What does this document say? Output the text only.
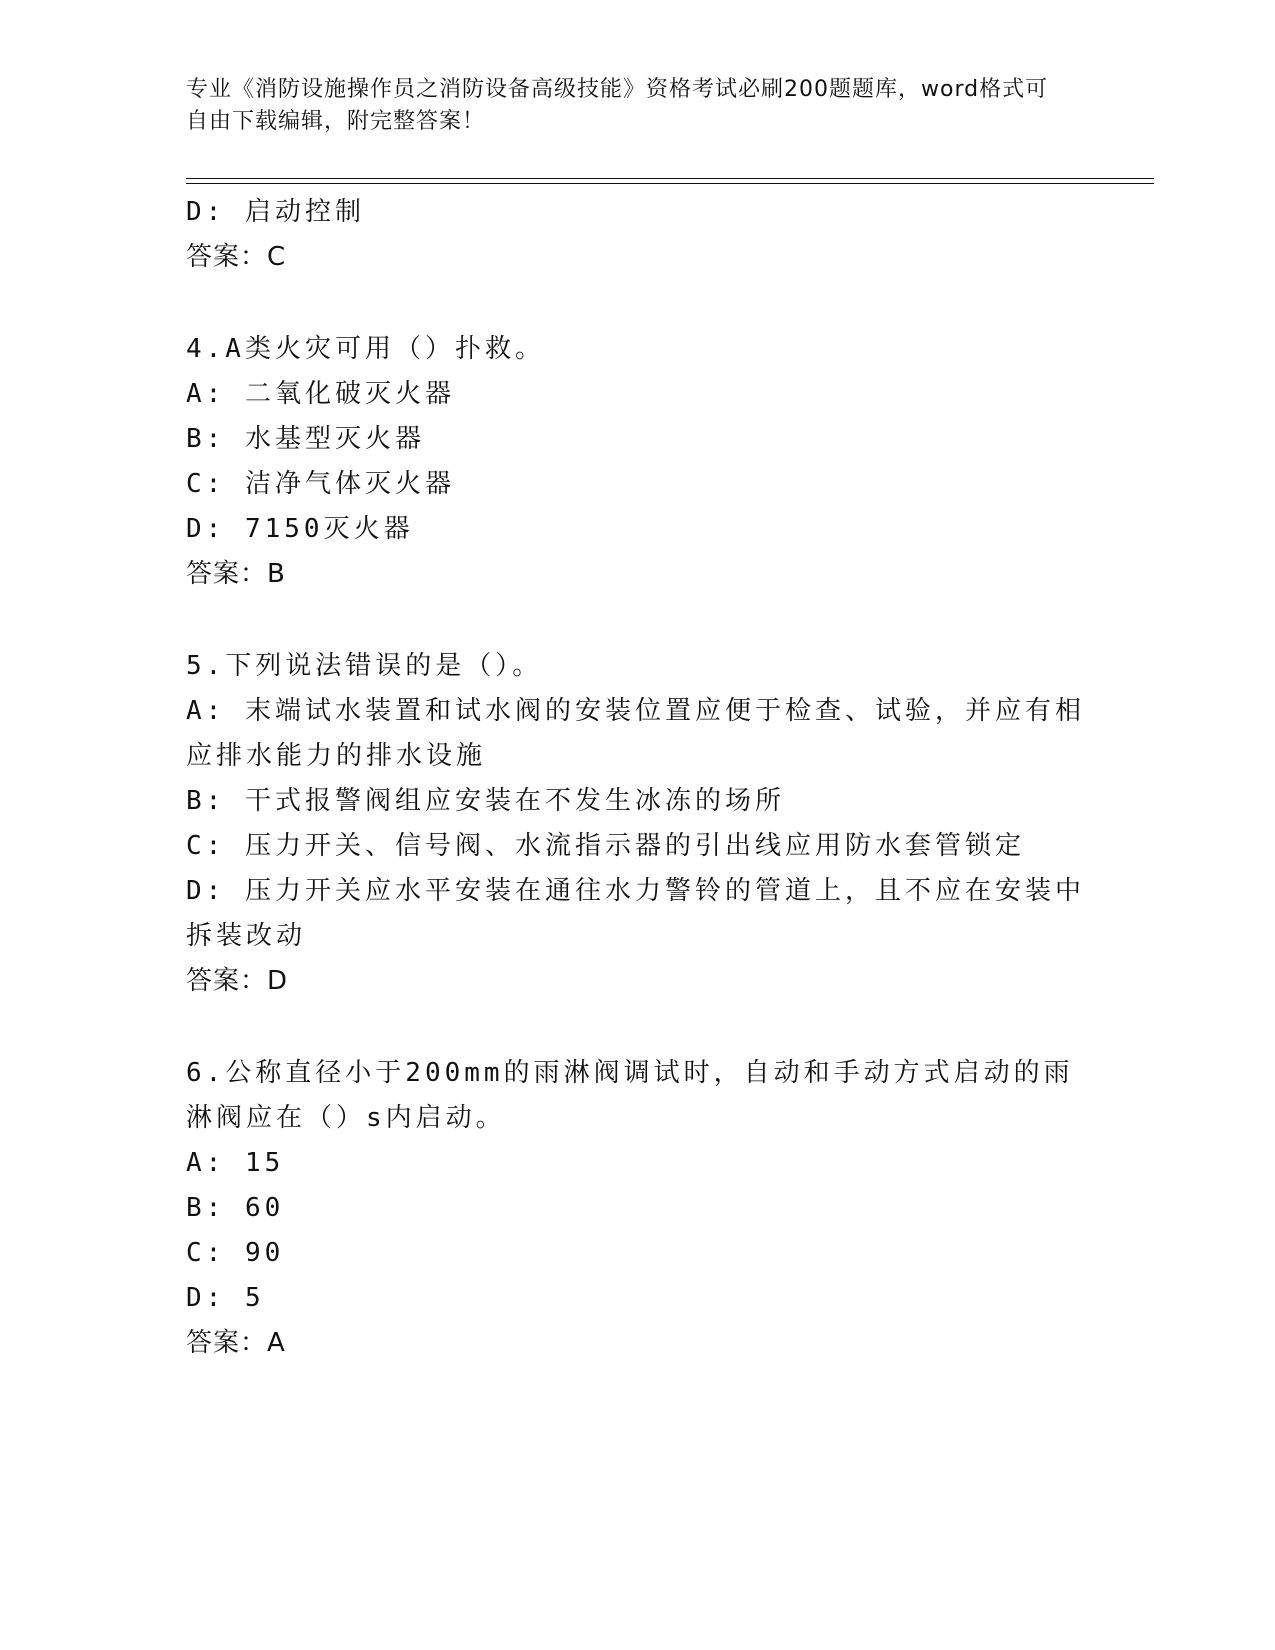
专业《消防设施操作员之消防设备高级技能》资格考试必刷200题题库，word格式可自由下载编辑，附完整答案！
D: 启动控制
答案：C
4.A类火灾可用（）扑救。
A: 二氧化破灭火器
B: 水基型灭火器
C: 洁净气体灭火器
D: 7150灭火器
答案：B
5.下列说法错误的是（）。
A: 末端试水装置和试水阀的安装位置应便于检查、试验，并应有相应排水能力的排水设施
B: 干式报警阀组应安装在不发生冰冻的场所
C: 压力开关、信号阀、水流指示器的引出线应用防水套管锁定
D: 压力开关应水平安装在通往水力警铃的管道上，且不应在安装中拆装改动
答案：D
6.公称直径小于200mm的雨淋阀调试时，自动和手动方式启动的雨淋阀应在（）s内启动。
A: 15
B: 60
C: 90
D: 5
答案：A
